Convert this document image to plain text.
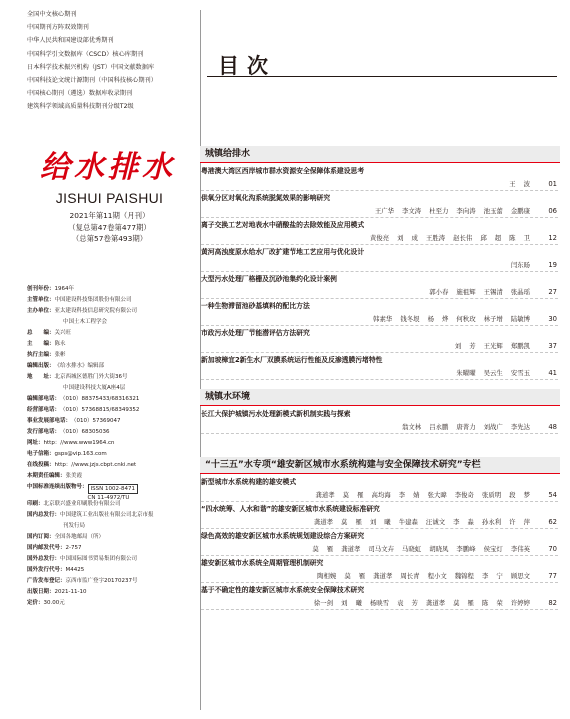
全国中文核心期刊
中国期刊方阵双效期刊
中华人民共和国建设部优秀期刊
中国科学引文数据库（CSCD）核心库期刊
日本科学技术振兴机构（JST）中国文献数据库
中国科技论文统计源期刊（中国科技核心期刊）
中国核心期刊（遴选）数据库收录期刊
建筑科学领域高质量科技期刊分级T2级
给水排水
JISHUI PAISHUI
2021年第11期（月刊）
（复总第47卷第477期）
（总第57卷第493期）
创刊年份： 1964年
主管单位： 中国建设科技集团股份有限公司
主办单位： 亚太建设科技信息研究院有限公司
中国土木工程学会
总　　编： 关兴旺
主　　编： 陈永
执行主编： 张彬
编辑出版： 《给水排水》编辑部
地　　址： 北京西城区德胜门外大街36号
中国建设科技大厦A座4层
编辑部电话： （010）88375433/68316321
经营部电话： （010）57368815/68349352
事业发展部电话： （010）57369047
发行部电话： （010）68305036
网址： http：//www.www1964.cn
电子信箱： gsps@vip.163.com
在线投稿： http：//www.jzjs.cbpt.cnki.net
本期责任编辑： 张美霞
中国标准连续出版物号： ISSN 1002-8471
CN 11-4972/TU
印刷： 北京联兴盛业印刷股份有限公司
国内总发行： 中国建筑工业出版社有限公司北京市报
刊发行局
国内订阅： 全国各地邮局（所）
国内邮发代号： 2-757
国外总发行： 中国国际图书贸易集团有限公司
国外发行代号： M4425
广告发布登记： 京西市监广登字20170237号
出版日期： 2021-11-10
定价： 30.00元
目次
城镇给排水
粤港澳大湾区西岸城市群水资源安全保障体系建设思考
王 波	01
供氧分区对氧化沟系统脱氮效果的影响研究
王广华 李文涛 杜至力 李向涛 池玉蕾 金鹏康	06
离子交换工艺对地表水中硝酸盐的去除效能及应用模式
黄俊亮 刘 成 王胜涛 赵长伟 邱 超 陈 卫	12
黄河高浊度原水给水厂改扩建节地工艺应用与优化设计
闫东旸	19
大型污水处理厂格栅及沉砂池集约化设计案例
郭小春 施祖辉 王锡清 张晶瑶	27
一种生物滞留池砂基填料的配比方法
韩素华 钱冬垠 杨 烨 何秋玫 林子增 陆敏博	30
市政污水处理厂节能潜评估方法研究
刘 芳 王光辉 郑鹏凯	37
新加坡樟宜2新生水厂双膜系统运行性能及反渗透膜污堵特性
朱曜曜 吴云生 安雪玉	41
城镇水环境
长江大保护城镇污水处理新模式新机制实践与探索
翁文林 吕永鹏 唐菁力 刘战广 李先达	48
“十三五”水专项“雄安新区城市水系统构建与安全保障技术研究”专栏
新型城市水系统构建的雄安模式
龚道孝 莫 罹 高均海 李 婧 张大暐 李俊奇 张质明 段 梦	54
“四水统筹、人水和谐”的雄安新区城市水系统建设标准研究
龚道孝 莫 罹 刘 曦 牛建森 汪诚文 李 淼 孙永利 许 萍	62
绿色高效的雄安新区城市水系统规划建设综合方案研究
莫 罹 龚道孝 司马文卉 马晓虹 胡晓凤 李鹏峰 侯宝灯 李伟英	70
雄安新区城市水系统全周期管理机制研究
陶相婉 莫 罹 龚道孝 周长青 程小文 魏锦程 李 宁 顾思文	77
基于不确定性的雄安新区城市水系统安全保障技术研究
徐一剑 刘 曦 杨映雪 袁 芳 龚道孝 莫 罹 陈 荣 许婷婷	82
